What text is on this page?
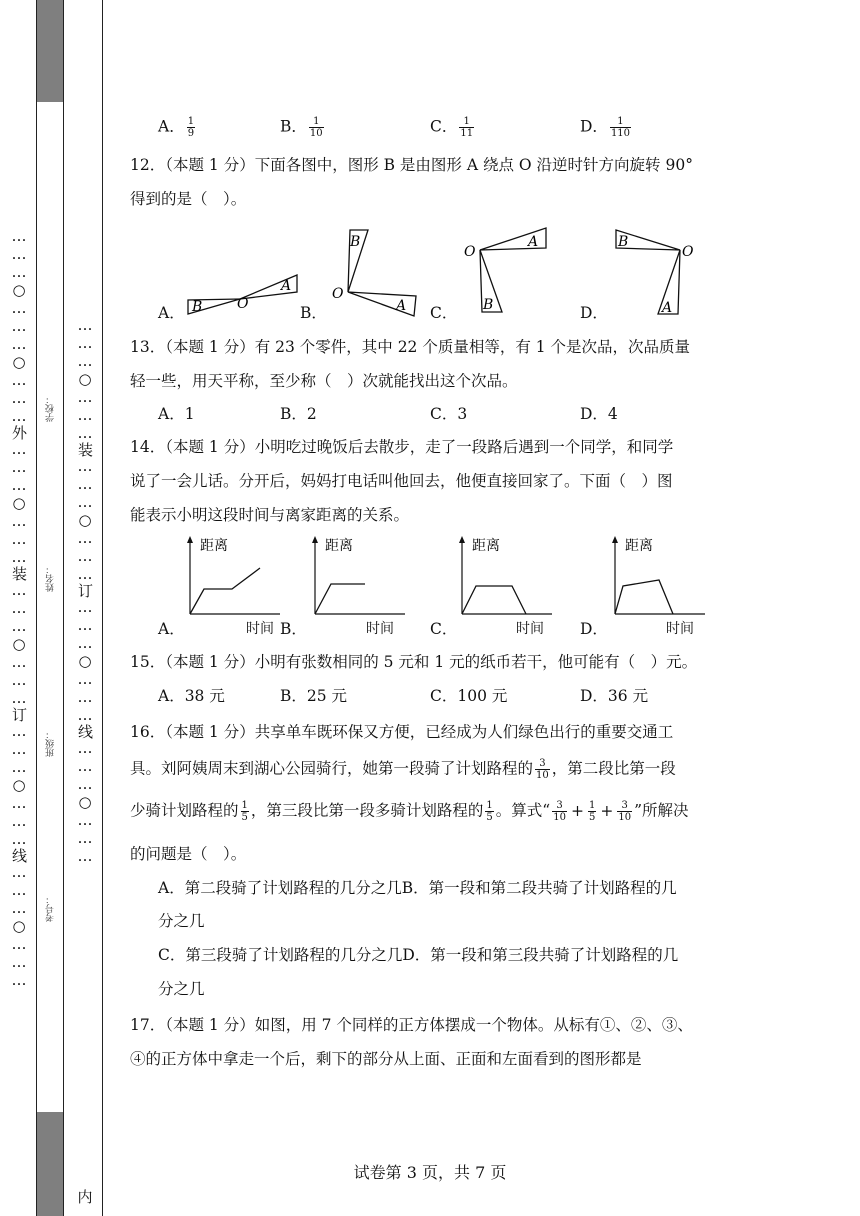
………○………○………外………○………装………○………订………○………线………○………	学校：
姓名：
班级：
考号：
………○………装………○………订………○………线………○………
内
A． $\frac{1}{9}$	B． $\frac{1}{10}$	C． $\frac{1}{11}$	D． $\frac{1}{110}$
12．（本题 1 分）下面各图中，图形 B 是由图形 A 绕点 O 沿逆时针方向旋转 90°
得到的是（　）。
A． B O
A
B．
B
O
A C．
O
A
B	D．
B
O
A
13．（本题 1 分）有 23 个零件，其中 22 个质量相等，有 1 个是次品，次品质量
轻一些，用天平称，至少称（　）次就能找出这个次品。
A．1	B．2	C．3	D．4
14．（本题 1 分）小明吃过晚饭后去散步，走了一段路后遇到一个同学，和同学
说了一会儿话。分开后，妈妈打电话叫他回去，他便直接回家了。下面（　）图
能表示小明这段时间与离家距离的关系。
A．
距离
时间 B．
距离
时间 C．
距离
时间 D．
距离
时间
15．（本题 1 分）小明有张数相同的 5 元和 1 元的纸币若干，他可能有（　）元。
A．38 元	B．25 元	C．100 元	D．36 元
16．（本题 1 分）共享单车既环保又方便，已经成为人们绿色出行的重要交通工
具。刘阿姨周末到湖心公园骑行，她第一段骑了计划路程的 $\frac{3}{10}$ ，第二段比第一段
少骑计划路程的 $\frac{1}{5}$ ，第三段比第一段多骑计划路程的 $\frac{1}{5}$ 。算式“ $\frac{3}{10} + \frac{1}{5} + \frac{3}{10}$ ”所解决
的问题是（　）。
A．第二段骑了计划路程的几分之几B．第一段和第二段共骑了计划路程的几
分之几
C．第三段骑了计划路程的几分之几D．第一段和第三段共骑了计划路程的几
分之几
17．（本题 1 分）如图，用 7 个同样的正方体摆成一个物体。从标有①、②、③、
④的正方体中拿走一个后，剩下的部分从上面、正面和左面看到的图形都是
试卷第 3 页，共 7 页
